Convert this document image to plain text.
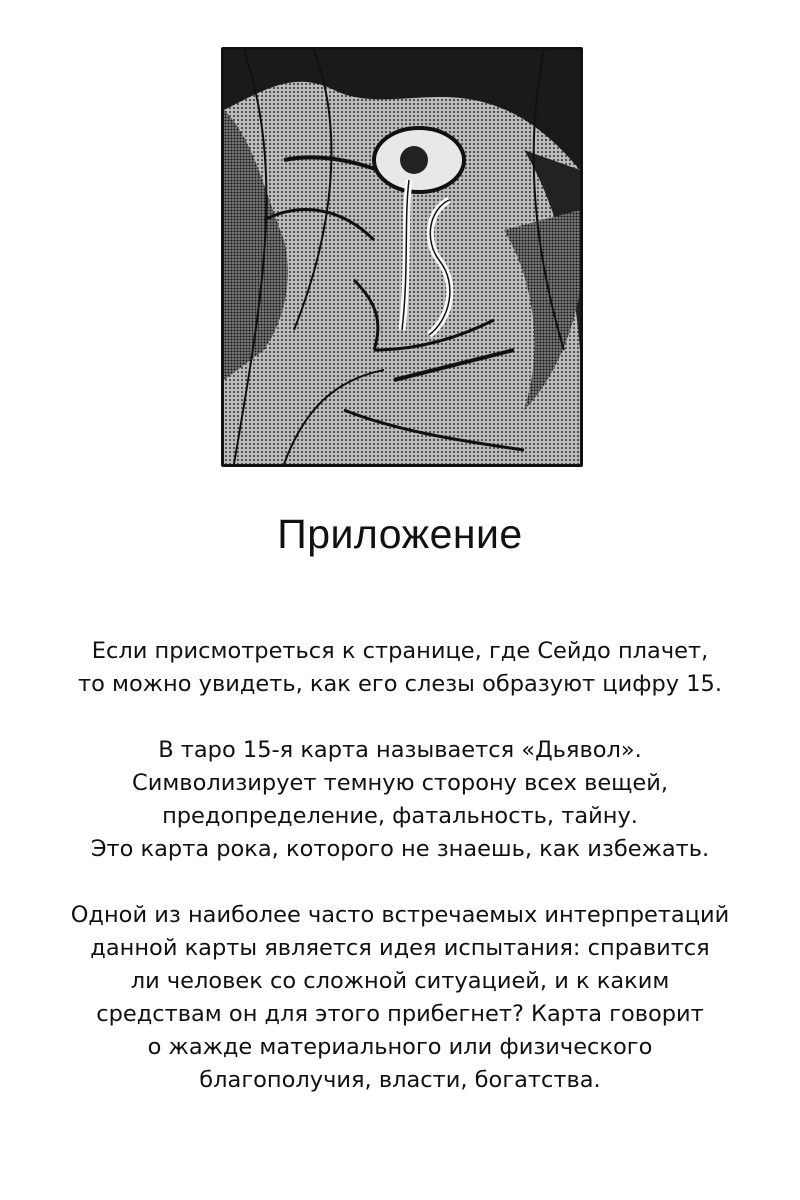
Приложение

Если присмотреться к странице, где Сейдо плачет,
то можно увидеть, как его слезы образуют цифру 15.

В таро 15-я карта называется «Дьявол».
Символизирует темную сторону всех вещей,
предопределение, фатальность, тайну.
Это карта рока, которого не знаешь, как избежать.

Одной из наиболее часто встречаемых интерпретаций
данной карты является идея испытания: справится
ли человек со сложной ситуацией, и к каким
средствам он для этого прибегнет? Карта говорит
о жажде материального или физического
благополучия, власти, богатства.
